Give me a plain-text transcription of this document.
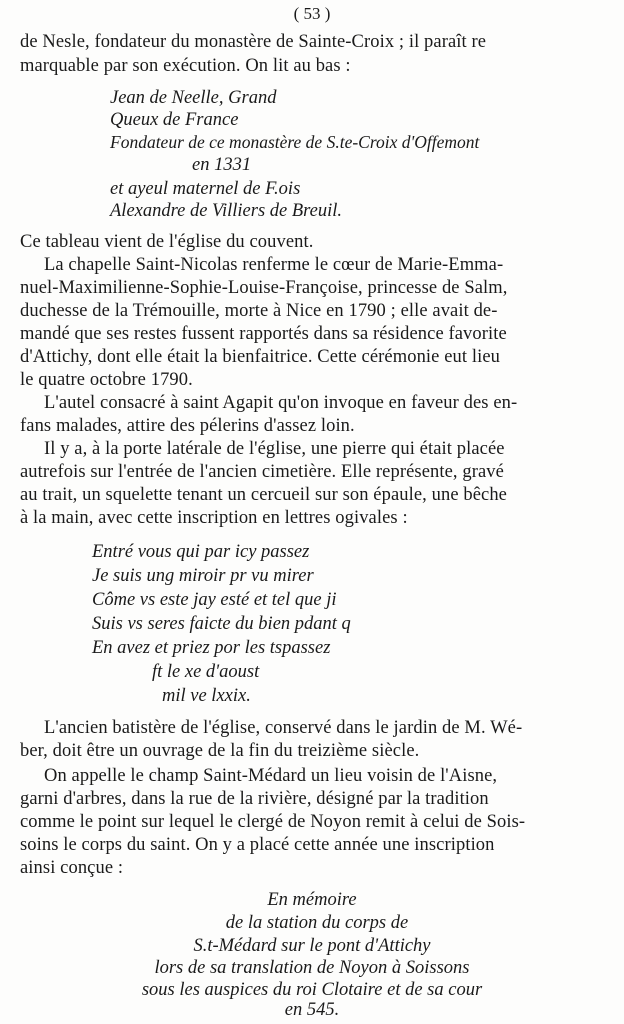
( 53 )
de Nesle, fondateur du monastère de Sainte-Croix ; il paraît re
marquable par son exécution. On lit au bas :
Jean de Neelle, Grand
Queux de France
Fondateur de ce monastère de S.te-Croix d'Offemont
en 1331
et ayeul maternel de F.ois
Alexandre de Villiers de Breuil.
Ce tableau vient de l'église du couvent.
La chapelle Saint-Nicolas renferme le cœur de Marie-Emma-
nuel-Maximilienne-Sophie-Louise-Françoise, princesse de Salm,
duchesse de la Trémouille, morte à Nice en 1790 ; elle avait de-
mandé que ses restes fussent rapportés dans sa résidence favorite
d'Attichy, dont elle était la bienfaitrice. Cette cérémonie eut lieu
le quatre octobre 1790.
L'autel consacré à saint Agapit qu'on invoque en faveur des en-
fans malades, attire des pélerins d'assez loin.
Il y a, à la porte latérale de l'église, une pierre qui était placée
autrefois sur l'entrée de l'ancien cimetière. Elle représente, gravé
au trait, un squelette tenant un cercueil sur son épaule, une bêche
à la main, avec cette inscription en lettres ogivales :
Entré vous qui par icy passez
Je suis ung miroir pr vu mirer
Côme vs este jay esté et tel que ji
Suis vs seres faicte du bien pdant q
En avez et priez por les tspassez
ft le xe d'aoust
mil ve lxxix.
L'ancien batistère de l'église, conservé dans le jardin de M. Wé-
ber, doit être un ouvrage de la fin du treizième siècle.
On appelle le champ Saint-Médard un lieu voisin de l'Aisne,
garni d'arbres, dans la rue de la rivière, désigné par la tradition
comme le point sur lequel le clergé de Noyon remit à celui de Sois-
soins le corps du saint. On y a placé cette année une inscription
ainsi conçue :
En mémoire
de la station du corps de
S.t-Médard sur le pont d'Attichy
lors de sa translation de Noyon à Soissons
sous les auspices du roi Clotaire et de sa cour
en 545.
